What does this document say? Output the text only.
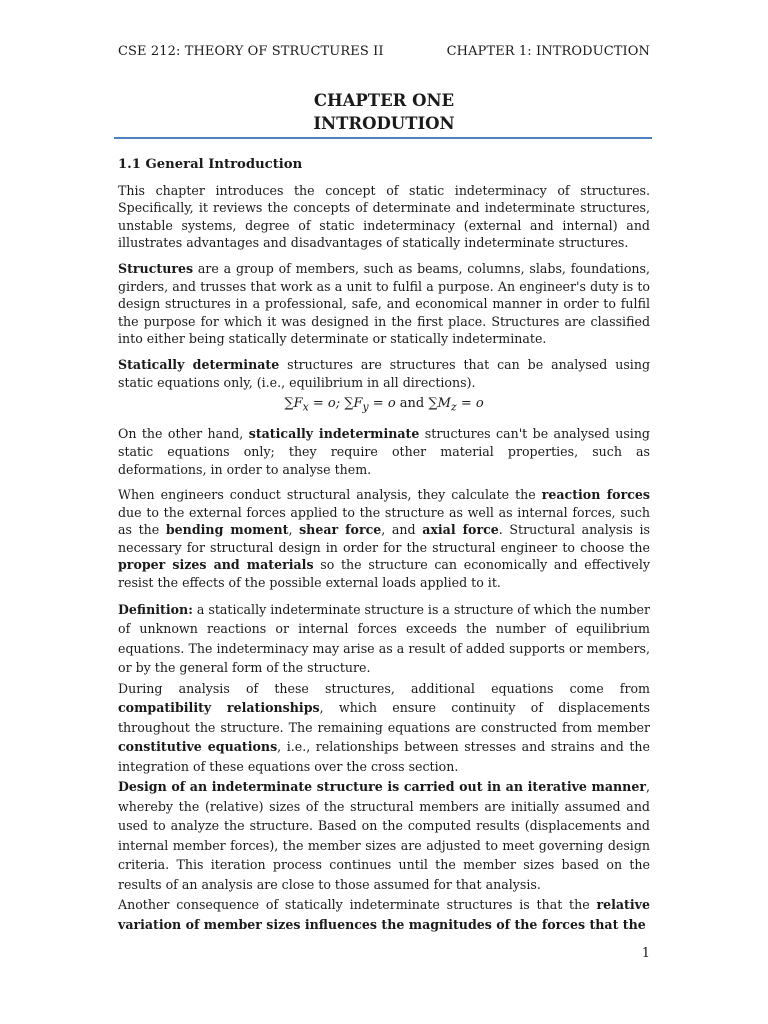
CSE 212: THEORY OF STRUCTURES II	CHAPTER 1: INTRODUCTION
CHAPTER ONE
INTRODUTION
1.1 General Introduction

This chapter introduces the concept of static indeterminacy of structures. Specifically, it reviews the concepts of determinate and indeterminate structures, unstable systems, degree of static indeterminacy (external and internal) and illustrates advantages and disadvantages of statically indeterminate structures.

Structures are a group of members, such as beams, columns, slabs, foundations, girders, and trusses that work as a unit to fulfil a purpose. An engineer's duty is to design structures in a professional, safe, and economical manner in order to fulfil the purpose for which it was designed in the first place. Structures are classified into either being statically determinate or statically indeterminate.

Statically determinate structures are structures that can be analysed using static equations only, (i.e., equilibrium in all directions).

$\sum F_x = o$; $\sum F_y = o$ and $\sum M_z = o$

On the other hand, statically indeterminate structures can't be analysed using static equations only; they require other material properties, such as deformations, in order to analyse them.

When engineers conduct structural analysis, they calculate the reaction forces due to the external forces applied to the structure as well as internal forces, such as the bending moment, shear force, and axial force. Structural analysis is necessary for structural design in order for the structural engineer to choose the proper sizes and materials so the structure can economically and effectively resist the effects of the possible external loads applied to it.

Definition: a statically indeterminate structure is a structure of which the number of unknown reactions or internal forces exceeds the number of equilibrium equations. The indeterminacy may arise as a result of added supports or members, or by the general form of the structure.

During analysis of these structures, additional equations come from compatibility relationships, which ensure continuity of displacements throughout the structure. The remaining equations are constructed from member constitutive equations, i.e., relationships between stresses and strains and the integration of these equations over the cross section.

Design of an indeterminate structure is carried out in an iterative manner, whereby the (relative) sizes of the structural members are initially assumed and used to analyze the structure. Based on the computed results (displacements and internal member forces), the member sizes are adjusted to meet governing design criteria. This iteration process continues until the member sizes based on the results of an analysis are close to those assumed for that analysis.

Another consequence of statically indeterminate structures is that the relative variation of member sizes influences the magnitudes of the forces that the

1
